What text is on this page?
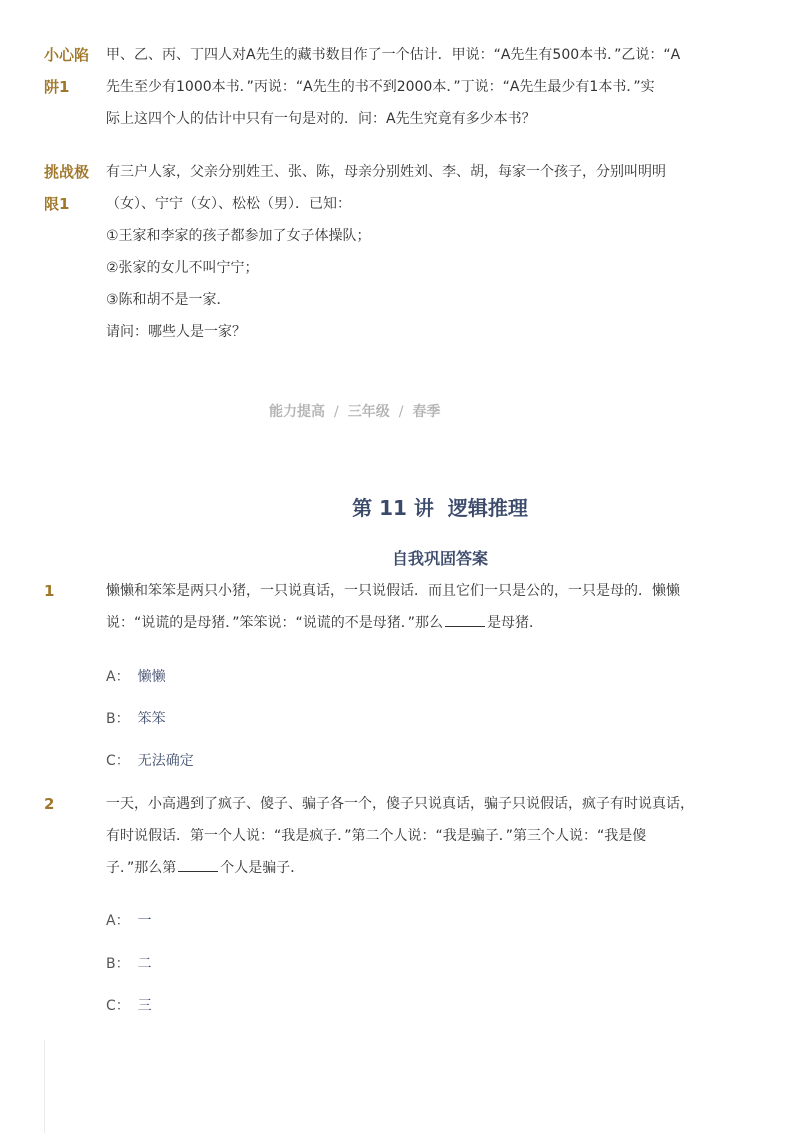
小心陷
阱1

甲、乙、丙、丁四人对A先生的藏书数目作了一个估计．甲说：“A先生有500本书．”乙说：“A

先生至少有1000本书．”丙说：“A先生的书不到2000本．”丁说：“A先生最少有1本书．”实

际上这四个人的估计中只有一句是对的．问：A先生究竟有多少本书？

挑战极
限1

有三户人家，父亲分别姓王、张、陈，母亲分别姓刘、李、胡，每家一个孩子，分别叫明明

（女）、宁宁（女）、松松（男）．已知：

①王家和李家的孩子都参加了女子体操队；

②张家的女儿不叫宁宁；

③陈和胡不是一家．

请问：哪些人是一家？

能力提高 / 三年级 / 春季
第 11 讲  逻辑推理
自我巩固答案
1	懒懒和笨笨是两只小猪，一只说真话，一只说假话．而且它们一只是公的，一只是母的．懒懒

说：“说谎的是母猪．”笨笨说：“说谎的不是母猪．”那么	是母猪．

A： 懒懒
B： 笨笨
C： 无法确定
2	一天，小高遇到了疯子、傻子、骗子各一个，傻子只说真话，骗子只说假话，疯子有时说真话，

有时说假话．第一个人说：“我是疯子．”第二个人说：“我是骗子．”第三个人说：“我是傻

子．”那么第	个人是骗子．

A： 一
B： 二
C： 三
